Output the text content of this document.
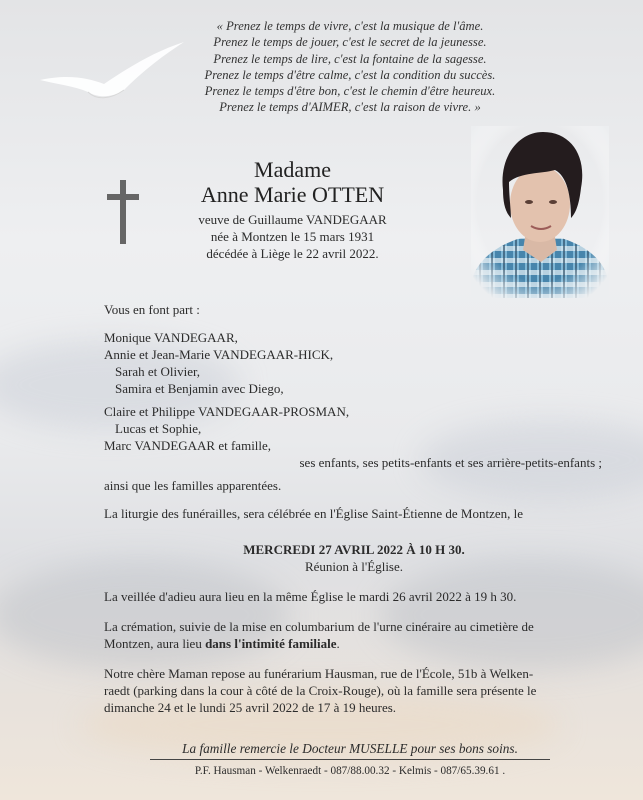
« Prenez le temps de vivre, c'est la musique de l'âme.
Prenez le temps de jouer, c'est le secret de la jeunesse.
Prenez le temps de lire, c'est la fontaine de la sagesse.
Prenez le temps d'être calme, c'est la condition du succès.
Prenez le temps d'être bon, c'est le chemin d'être heureux.
Prenez le temps d'AIMER, c'est la raison de vivre. »
Madame
Anne Marie OTTEN
veuve de Guillaume VANDEGAAR
née à Montzen le 15 mars 1931
décédée à Liège le 22 avril 2022.
Vous en font part :
Monique VANDEGAAR,
Annie et Jean-Marie VANDEGAAR-HICK,
Sarah et Olivier,
Samira et Benjamin avec Diego,
Claire et Philippe VANDEGAAR-PROSMAN,
Lucas et Sophie,
Marc VANDEGAAR et famille,
ses enfants, ses petits-enfants et ses arrière-petits-enfants ;
ainsi que les familles apparentées.
La liturgie des funérailles, sera célébrée en l'Église Saint-Étienne de Montzen, le
MERCREDI 27 AVRIL 2022 À 10 H 30.
Réunion à l'Église.
La veillée d'adieu aura lieu en la même Église le mardi 26 avril 2022 à 19 h 30.
La crémation, suivie de la mise en columbarium de l'urne cinéraire au cimetière de
Montzen, aura lieu dans l'intimité familiale.
Notre chère Maman repose au funérarium Hausman, rue de l'École, 51b à Welken-
raedt (parking dans la cour à côté de la Croix-Rouge), où la famille sera présente le
dimanche 24 et le lundi 25 avril 2022 de 17 à 19 heures.
La famille remercie le Docteur MUSELLE pour ses bons soins.
P.F. Hausman - Welkenraedt - 087/88.00.32 - Kelmis - 087/65.39.61 .
